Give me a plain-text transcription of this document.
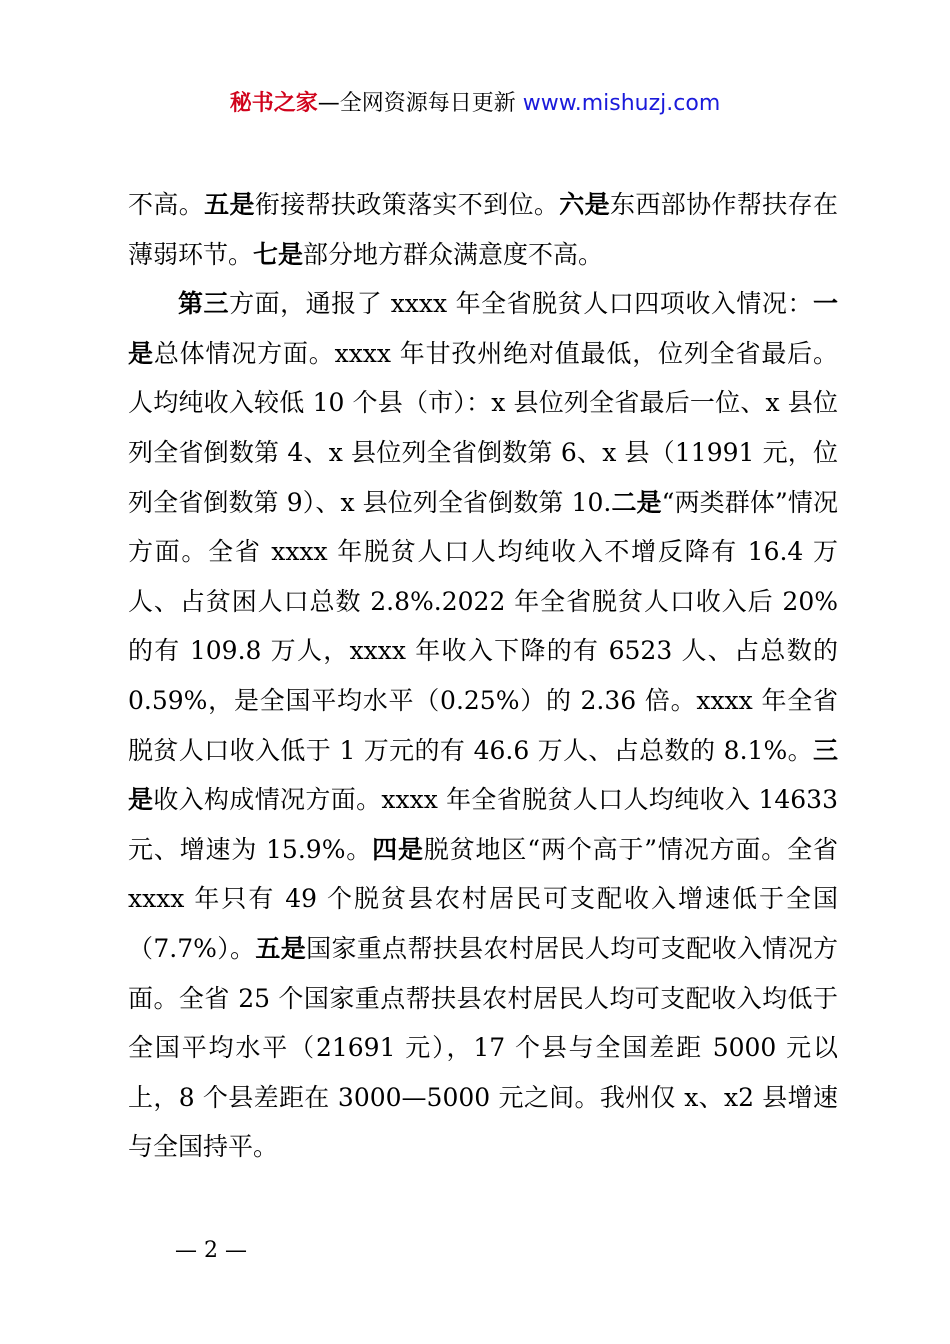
秘书之家—全网资源每日更新 www.mishuzj.com

不高。五是衔接帮扶政策落实不到位。六是东西部协作帮扶存在薄弱环节。七是部分地方群众满意度不高。

第三方面，通报了 xxxx 年全省脱贫人口四项收入情况：一是总体情况方面。xxxx 年甘孜州绝对值最低，位列全省最后。人均纯收入较低 10 个县（市）：x 县位列全省最后一位、x 县位列全省倒数第 4、x 县位列全省倒数第 6、x 县（11991 元，位列全省倒数第 9）、x 县位列全省倒数第 10.二是“两类群体”情况方面。全省 xxxx 年脱贫人口人均纯收入不增反降有 16.4 万人、占贫困人口总数 2.8%.2022 年全省脱贫人口收入后 20%的有 109.8 万人，xxxx 年收入下降的有 6523 人、占总数的 0.59%，是全国平均水平（0.25%）的 2.36 倍。xxxx 年全省脱贫人口收入低于 1 万元的有 46.6 万人、占总数的 8.1%。三是收入构成情况方面。xxxx 年全省脱贫人口人均纯收入 14633 元、增速为 15.9%。四是脱贫地区“两个高于”情况方面。全省 xxxx 年只有 49 个脱贫县农村居民可支配收入增速低于全国（7.7%）。五是国家重点帮扶县农村居民人均可支配收入情况方面。全省 25 个国家重点帮扶县农村居民人均可支配收入均低于全国平均水平（21691 元），17 个县与全国差距 5000 元以上，8 个县差距在 3000—5000 元之间。我州仅 x、x2 县增速与全国持平。

— 2 —
